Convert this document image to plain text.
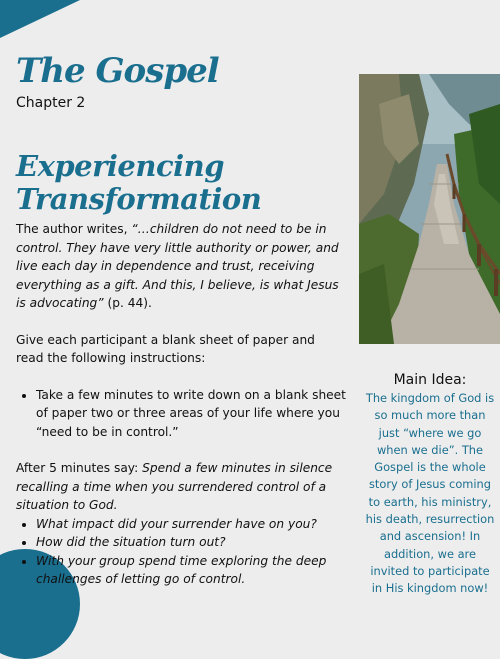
The Gospel
Chapter 2
Experiencing
Transformation

The author writes, “…children do not need to be in control. They have very little authority or power, and live each day in dependence and trust, receiving everything as a gift. And this, I believe, is what Jesus is advocating” (p. 44).

Give each participant a blank sheet of paper and read the following instructions:

• Take a few minutes to write down on a blank sheet of paper two or three areas of your life where you “need to be in control.”

After 5 minutes say: Spend a few minutes in silence recalling a time when you surrendered control of a situation to God.

• What impact did your surrender have on you?
• How did the situation turn out?
• With your group spend time exploring the deep challenges of letting go of control.
Main Idea:
The kingdom of God is so much more than just “where we go when we die”. The Gospel is the whole story of Jesus coming to earth, his ministry, his death, resurrection and ascension! In addition, we are invited to participate in His kingdom now!
